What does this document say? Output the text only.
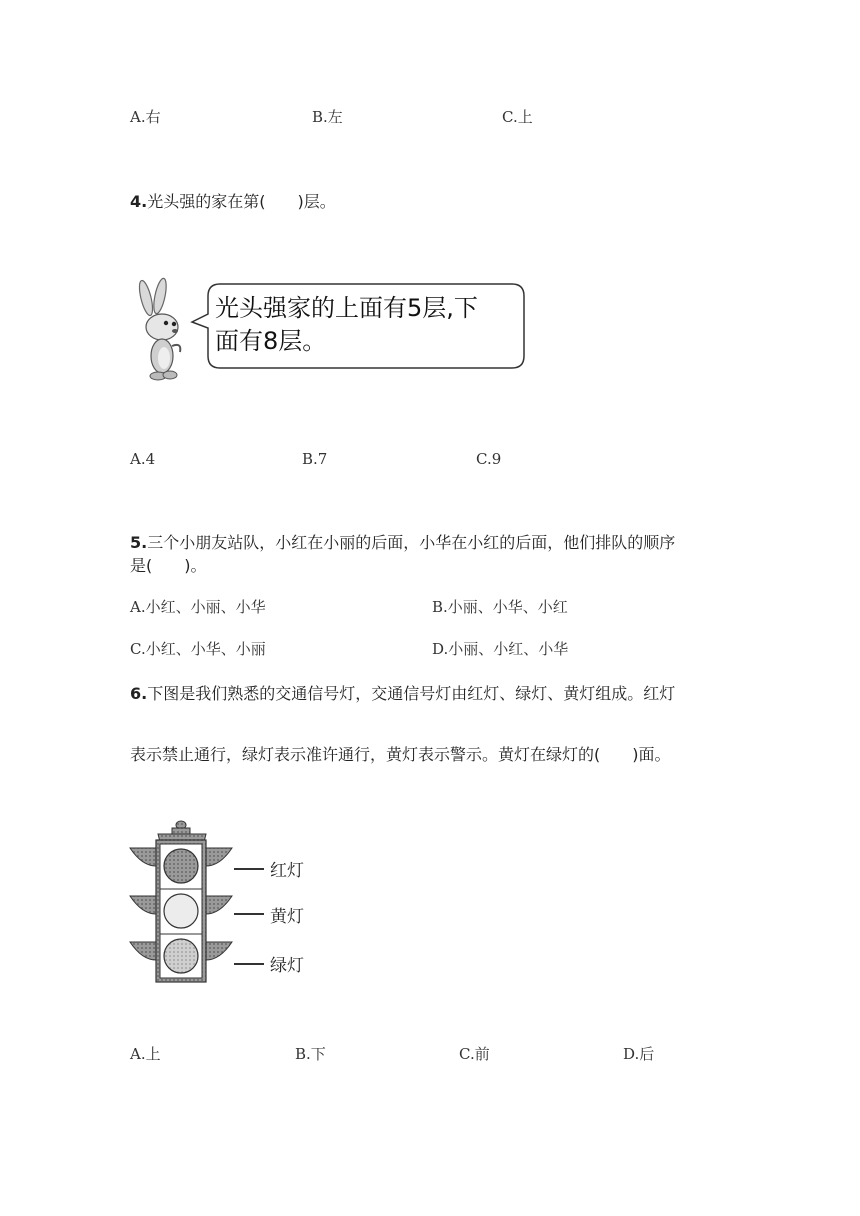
A.右	B.左	C.上
4.光头强的家在第(　　)层。
光头强家的上面有5层,下
面有8层。
A.4	B.7	C.9
5.三个小朋友站队，小红在小丽的后面，小华在小红的后面，他们排队的顺序
是(　　)。
A.小红、小丽、小华	B.小丽、小华、小红
C.小红、小华、小丽	D.小丽、小红、小华
6.下图是我们熟悉的交通信号灯，交通信号灯由红灯、绿灯、黄灯组成。红灯
表示禁止通行，绿灯表示准许通行，黄灯表示警示。黄灯在绿灯的(　　)面。
红灯
黄灯
绿灯
A.上	B.下	C.前	D.后
